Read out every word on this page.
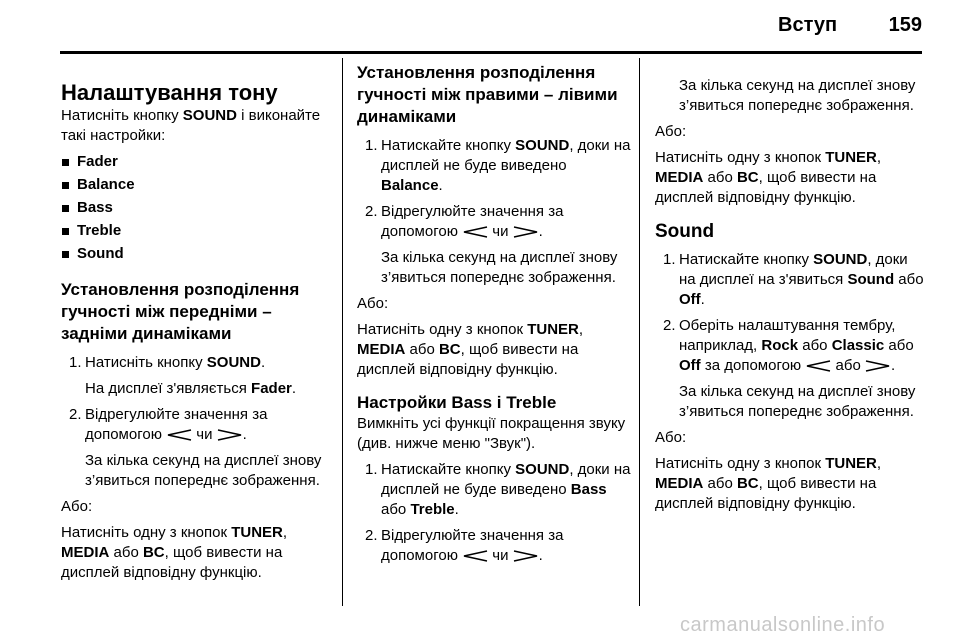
Вступ	159
Налаштування тону

Натисніть кнопку SOUND і виконайте такі настройки:

Fader
Balance
Bass
Treble
Sound
Установлення розподілення гучності між передніми – задніми динаміками
1. Натисніть кнопку SOUND.
На дисплеї з'являється Fader.
2. Відрегулюйте значення за допомогою чи .
За кілька секунд на дисплеї знову з’явиться попереднє зображення.

Або:

Натисніть одну з кнопок TUNER, MEDIA або BC, щоб вивести на дисплей відповідну функцію.

Установлення розподілення гучності між правими – лівими динаміками
1. Натискайте кнопку SOUND, доки на дисплей не буде виведено Balance.
2. Відрегулюйте значення за допомогою чи .
За кілька секунд на дисплеї знову з’явиться попереднє зображення.

Або:

Натисніть одну з кнопок TUNER, MEDIA або BC, щоб вивести на дисплей відповідну функцію.

Настройки Bass і Treble

Вимкніть усі функції покращення звуку (див. нижче меню "Звук").

1. Натискайте кнопку SOUND, доки на дисплей не буде виведено Bass або Treble.
2. Відрегулюйте значення за допомогою чи .
За кілька секунд на дисплеї знову з’явиться попереднє зображення.

Або:

Натисніть одну з кнопок TUNER, MEDIA або BC, щоб вивести на дисплей відповідну функцію.

Sound
1. Натискайте кнопку SOUND, доки на дисплеї на з'явиться Sound або Off.
2. Оберіть налаштування тембру, наприклад, Rock або Classic або Off за допомогою або .
За кілька секунд на дисплеї знову з’явиться попереднє зображення.

Або:

Натисніть одну з кнопок TUNER, MEDIA або BC, щоб вивести на дисплей відповідну функцію.

carmanualsonline.info
